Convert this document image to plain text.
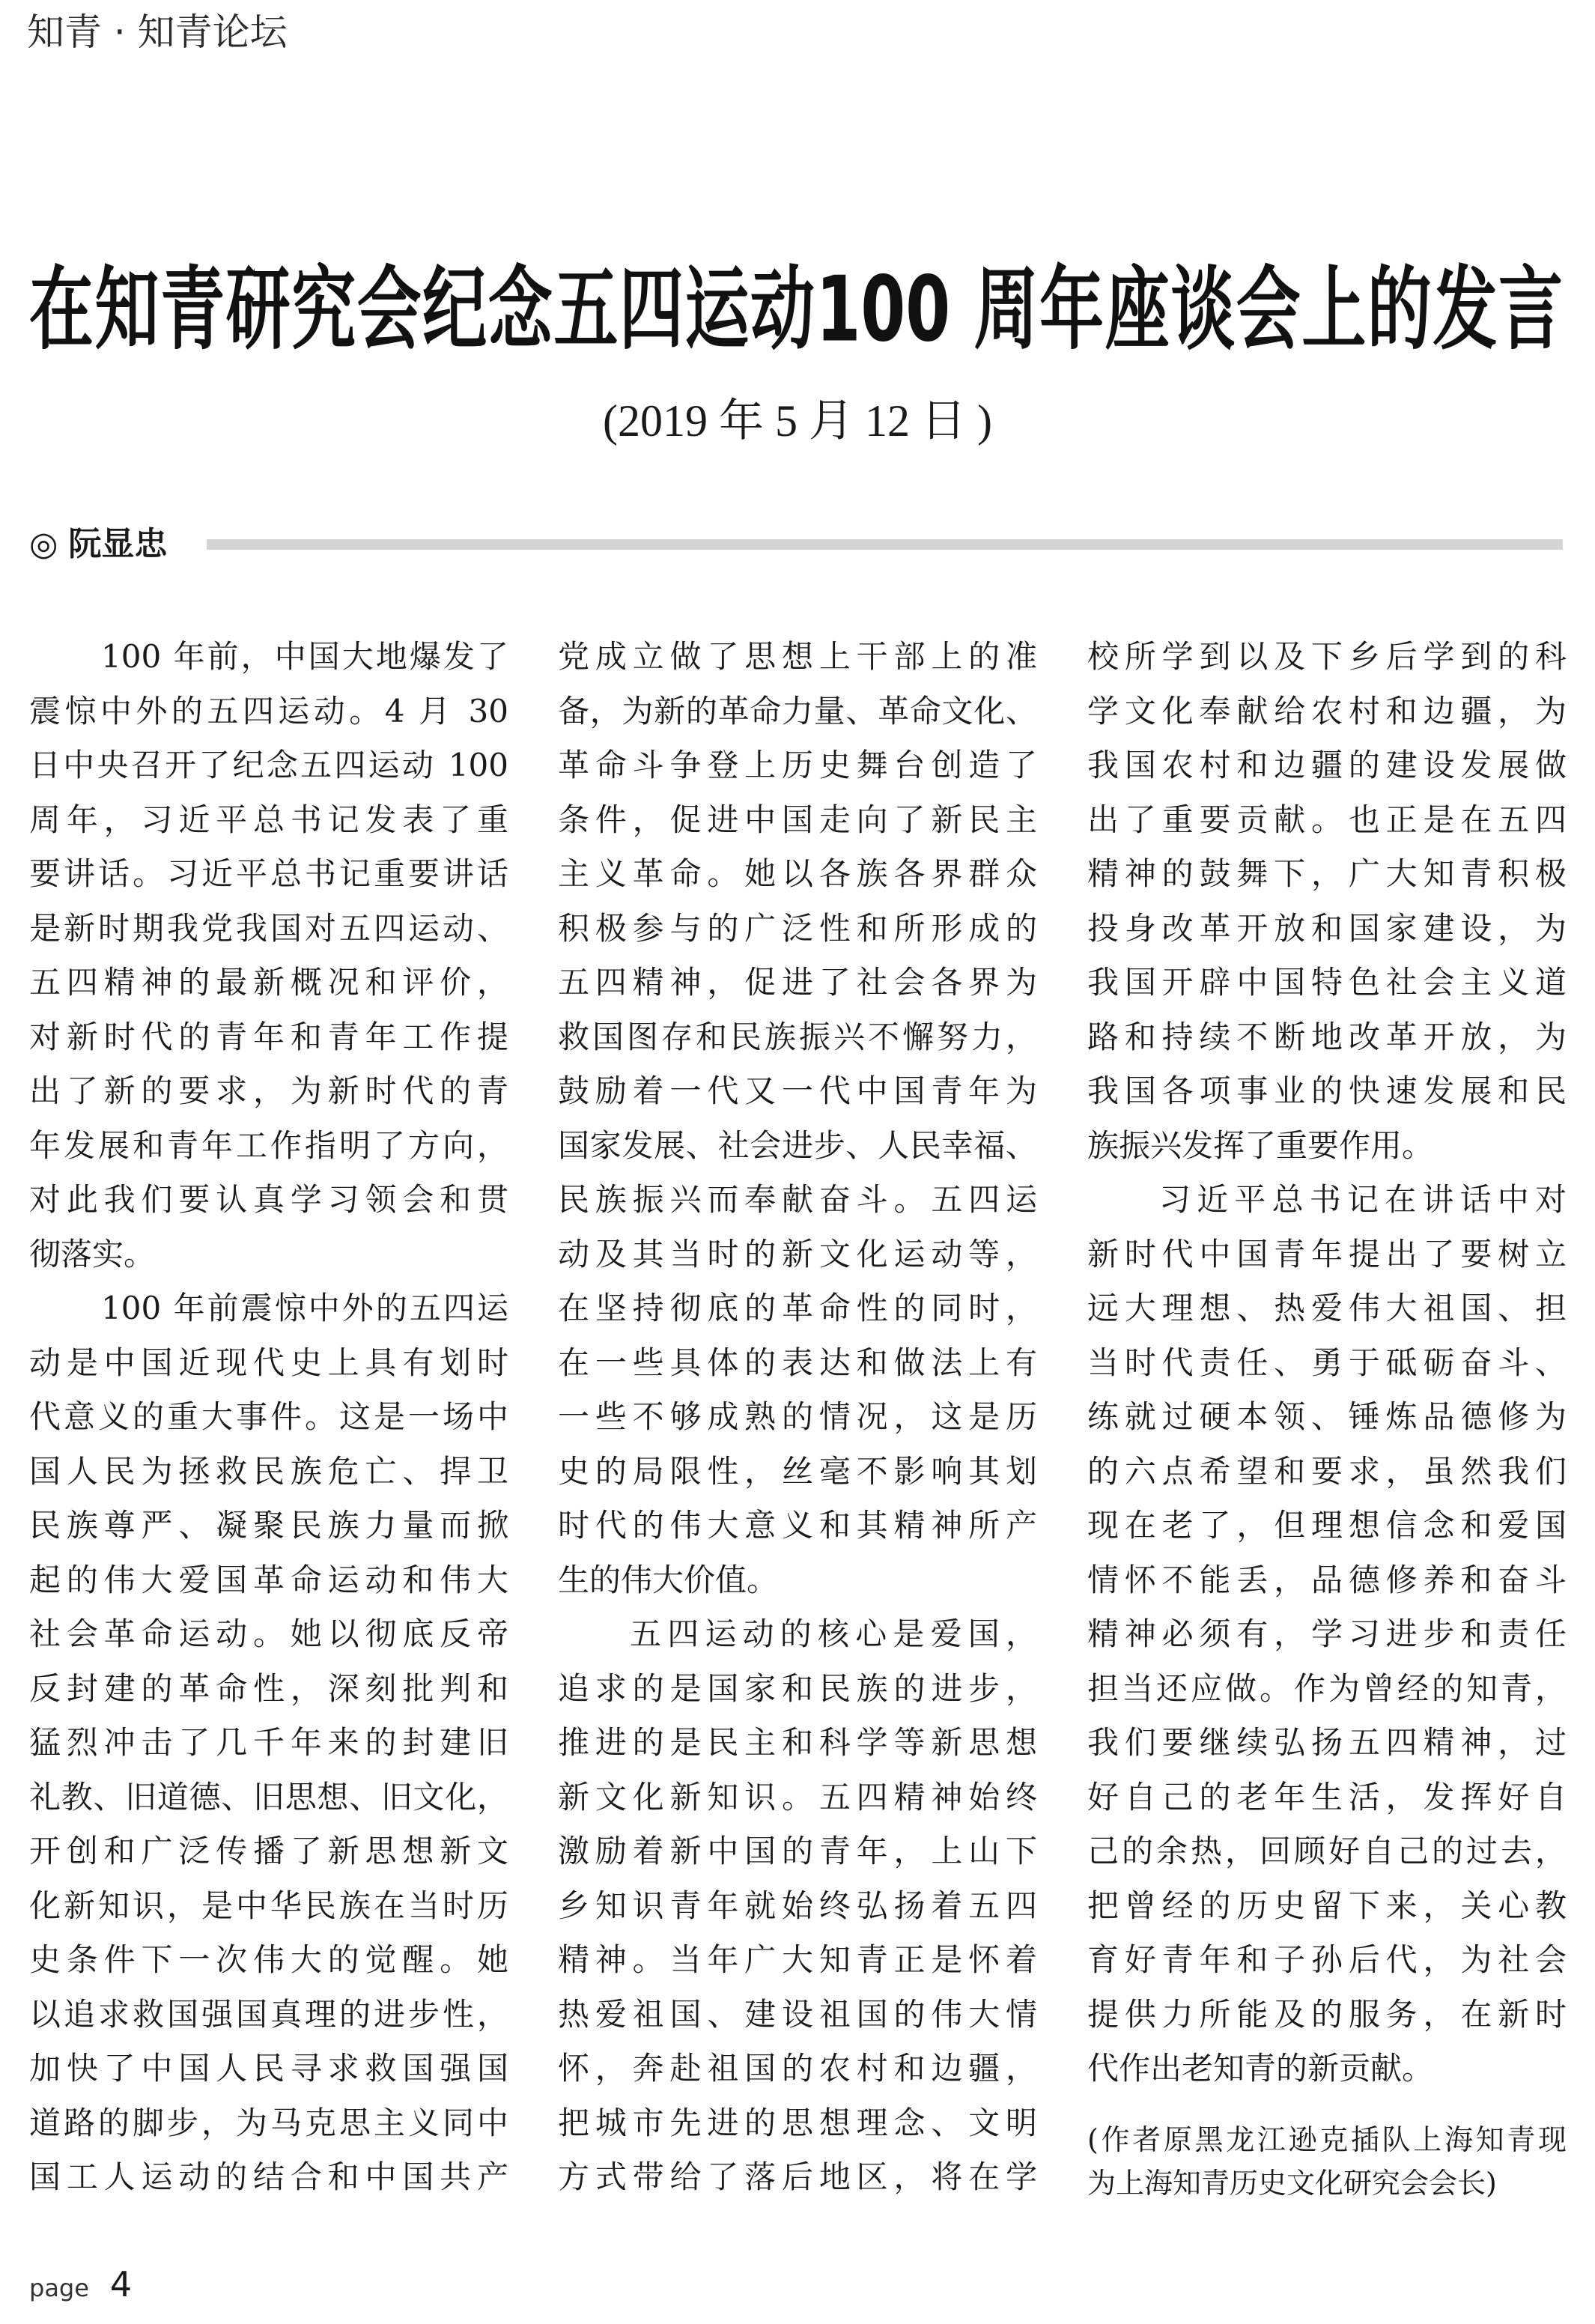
知青 · 知青论坛
在知青研究会纪念五四运动100 周年座谈会上的发言
(2019 年 5 月 12 日 )
◎ 阮显忠
100 年前，中国大地爆发了
震惊中外的五四运动。4 月 30
日中央召开了纪念五四运动 100
周年，习近平总书记发表了重
要讲话。习近平总书记重要讲话
是新时期我党我国对五四运动、
五四精神的最新概况和评价，
对新时代的青年和青年工作提
出了新的要求，为新时代的青
年发展和青年工作指明了方向，
对此我们要认真学习领会和贯
彻落实。
100 年前震惊中外的五四运
动是中国近现代史上具有划时
代意义的重大事件。这是一场中
国人民为拯救民族危亡、捍卫
民族尊严、凝聚民族力量而掀
起的伟大爱国革命运动和伟大
社会革命运动。她以彻底反帝
反封建的革命性，深刻批判和
猛烈冲击了几千年来的封建旧
礼教、旧道德、旧思想、旧文化，
开创和广泛传播了新思想新文
化新知识，是中华民族在当时历
史条件下一次伟大的觉醒。她
以追求救国强国真理的进步性，
加快了中国人民寻求救国强国
道路的脚步，为马克思主义同中
国工人运动的结合和中国共产
党成立做了思想上干部上的准
备，为新的革命力量、革命文化、
革命斗争登上历史舞台创造了
条件，促进中国走向了新民主
主义革命。她以各族各界群众
积极参与的广泛性和所形成的
五四精神，促进了社会各界为
救国图存和民族振兴不懈努力，
鼓励着一代又一代中国青年为
国家发展、社会进步、人民幸福、
民族振兴而奉献奋斗。五四运
动及其当时的新文化运动等，
在坚持彻底的革命性的同时，
在一些具体的表达和做法上有
一些不够成熟的情况，这是历
史的局限性，丝毫不影响其划
时代的伟大意义和其精神所产
生的伟大价值。
五四运动的核心是爱国，
追求的是国家和民族的进步，
推进的是民主和科学等新思想
新文化新知识。五四精神始终
激励着新中国的青年，上山下
乡知识青年就始终弘扬着五四
精神。当年广大知青正是怀着
热爱祖国、建设祖国的伟大情
怀，奔赴祖国的农村和边疆，
把城市先进的思想理念、文明
方式带给了落后地区，将在学
校所学到以及下乡后学到的科
学文化奉献给农村和边疆，为
我国农村和边疆的建设发展做
出了重要贡献。也正是在五四
精神的鼓舞下，广大知青积极
投身改革开放和国家建设，为
我国开辟中国特色社会主义道
路和持续不断地改革开放，为
我国各项事业的快速发展和民
族振兴发挥了重要作用。
习近平总书记在讲话中对
新时代中国青年提出了要树立
远大理想、热爱伟大祖国、担
当时代责任、勇于砥砺奋斗、
练就过硬本领、锤炼品德修为
的六点希望和要求，虽然我们
现在老了，但理想信念和爱国
情怀不能丢，品德修养和奋斗
精神必须有，学习进步和责任
担当还应做。作为曾经的知青，
我们要继续弘扬五四精神，过
好自己的老年生活，发挥好自
己的余热，回顾好自己的过去，
把曾经的历史留下来，关心教
育好青年和子孙后代，为社会
提供力所能及的服务，在新时
代作出老知青的新贡献。
(作者原黑龙江逊克插队上海知青现
为上海知青历史文化研究会会长)
page 4
